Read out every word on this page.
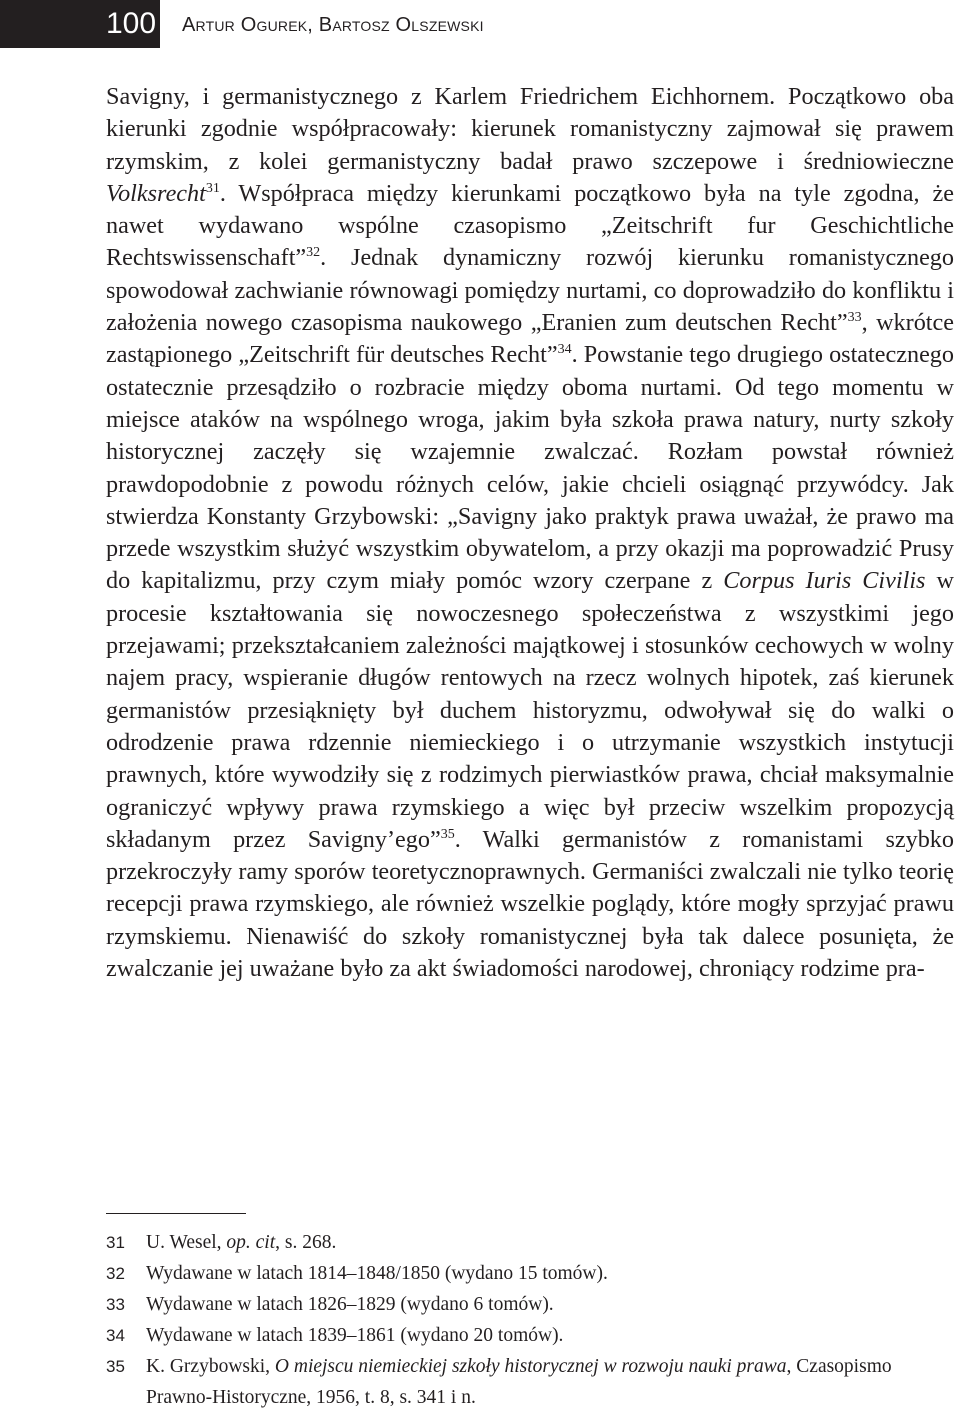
100 Artur Ogurek, Bartosz Olszewski

Savigny, i germanistycznego z Karlem Friedrichem Eichhornem. Początkowo oba kierunki zgodnie współpracowały: kierunek romanistyczny zajmował się prawem rzymskim, z kolei germanistyczny badał prawo szczepowe i średniowieczne Volksrecht$^{31}$. Współpraca między kierunkami początkowo była na tyle zgodna, że nawet wydawano wspólne czasopismo „Zeitschrift fur Geschichtliche Rechtswissenschaft”$^{32}$. Jednak dynamiczny rozwój kierunku romanistycznego spowodował zachwianie równowagi pomiędzy nurtami, co doprowadziło do konfliktu i założenia nowego czasopisma naukowego „Eranien zum deutschen Recht”$^{33}$, wkrótce zastąpionego „Zeitschrift für deutsches Recht”$^{34}$. Powstanie tego drugiego ostatecznego ostatecznie przesądziło o rozbracie między oboma nurtami. Od tego momentu w miejsce ataków na wspólnego wroga, jakim była szkoła prawa natury, nurty szkoły historycznej zaczęły się wzajemnie zwalczać. Rozłam powstał również prawdopodobnie z powodu różnych celów, jakie chcieli osiągnąć przywódcy. Jak stwierdza Konstanty Grzybowski: „Savigny jako praktyk prawa uważał, że prawo ma przede wszystkim służyć wszystkim obywatelom, a przy okazji ma poprowadzić Prusy do kapitalizmu, przy czym miały pomóc wzory czerpane z Corpus Iuris Civilis w procesie kształtowania się nowoczesnego społeczeństwa z wszystkimi jego przejawami; przekształcaniem zależności majątkowej i stosunków cechowych w wolny najem pracy, wspieranie długów rentowych na rzecz wolnych hipotek, zaś kierunek germanistów przesiąknięty był duchem historyzmu, odwoływał się do walki o odrodzenie prawa rdzennie niemieckiego i o utrzymanie wszystkich instytucji prawnych, które wywodziły się z rodzimych pierwiastków prawa, chciał maksymalnie ograniczyć wpływy prawa rzymskiego a więc był przeciw wszelkim propozycją składanym przez Savigny’ego”$^{35}$. Walki germanistów z romanistami szybko przekroczyły ramy sporów teoretycznoprawnych. Germaniści zwalczali nie tylko teorię recepcji prawa rzymskiego, ale również wszelkie poglądy, które mogły sprzyjać prawu rzymskiemu. Nienawiść do szkoły romanistycznej była tak dalece posunięta, że zwalczanie jej uważane było za akt świadomości narodowej, chroniący rodzime pra-

31	U. Wesel, op. cit, s. 268.
32	Wydawane w latach 1814–1848/1850 (wydano 15 tomów).
33	Wydawane w latach 1826–1829 (wydano 6 tomów).
34	Wydawane w latach 1839–1861 (wydano 20 tomów).
35	K. Grzybowski, O miejscu niemieckiej szkoły historycznej w rozwoju nauki prawa, Czasopismo Prawno-Historyczne, 1956, t. 8, s. 341 i n.
